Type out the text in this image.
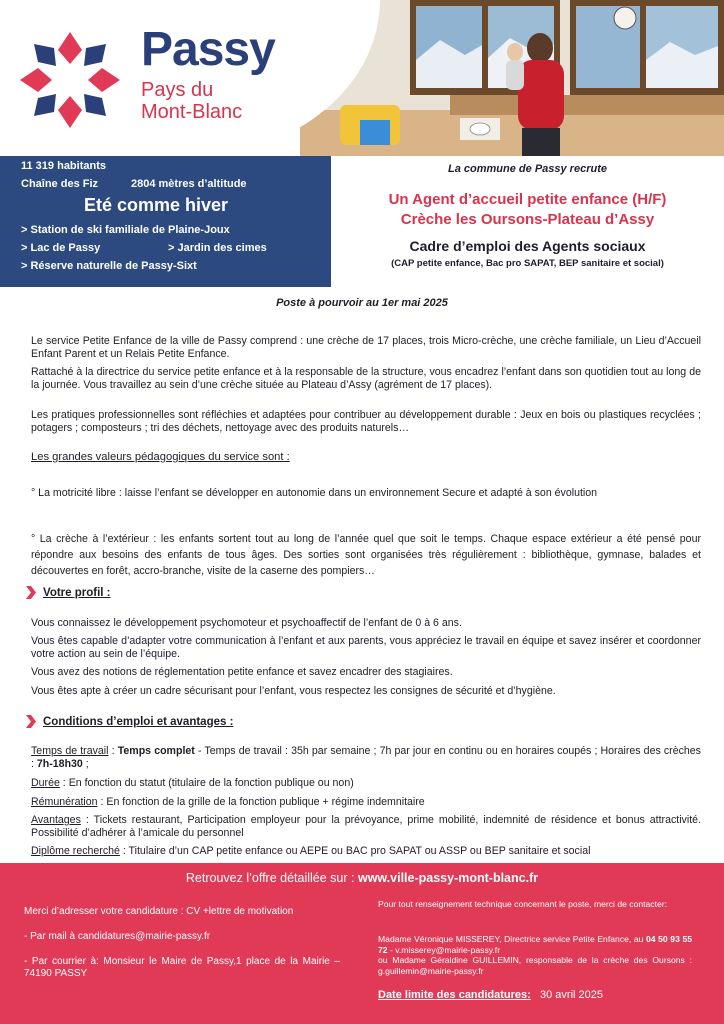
Passy
Pays du
Mont-Blanc
11 319 habitants
Chaîne des Fiz	2804 mètres d’altitude
Eté comme hiver
> Station de ski familiale de Plaine-Joux
> Lac de Passy	> Jardin des cimes
> Réserve naturelle de Passy-Sixt
La commune de Passy recrute
Un Agent d’accueil petite enfance (H/F)
Crèche les Oursons-Plateau d’Assy
Cadre d’emploi des Agents sociaux
(CAP petite enfance, Bac pro SAPAT, BEP sanitaire et social)
Poste à pourvoir au 1er mai 2025
Le service Petite Enfance de la ville de Passy comprend : une crèche de 17 places, trois Micro-crèche, une crèche familiale, un Lieu d’Accueil Enfant Parent et un Relais Petite Enfance.
Rattaché à la directrice du service petite enfance et à la responsable de la structure, vous encadrez l’enfant dans son quotidien tout au long de la journée. Vous travaillez au sein d’une crèche située au Plateau d’Assy (agrément de 17 places).
Les pratiques professionnelles sont réfléchies et adaptées pour contribuer au développement durable : Jeux en bois ou plastiques recyclées ; potagers ; composteurs ; tri des déchets, nettoyage avec des produits naturels…
Les grandes valeurs pédagogiques du service sont :
° La motricité libre : laisse l’enfant se développer en autonomie dans un environnement Secure et adapté à son évolution
° La crèche à l’extérieur : les enfants sortent tout au long de l’année quel que soit le temps. Chaque espace extérieur a été pensé pour répondre aux besoins des enfants de tous âges. Des sorties sont organisées très régulièrement : bibliothèque, gymnase, balades et découvertes en forêt, accro-branche, visite de la caserne des pompiers…
Votre profil :
Vous connaissez le développement psychomoteur et psychoaffectif de l’enfant de 0 à 6 ans.
Vous êtes capable d’adapter votre communication à l’enfant et aux parents, vous appréciez le travail en équipe et savez insérer et coordonner votre action au sein de l’équipe.
Vous avez des notions de réglementation petite enfance et savez encadrer des stagiaires.
Vous êtes apte à créer un cadre sécurisant pour l’enfant, vous respectez les consignes de sécurité et d’hygiène.
Conditions d’emploi et avantages :
Temps de travail : Temps complet - Temps de travail : 35h par semaine ; 7h par jour en continu ou en horaires coupés ; Horaires des crèches : 7h-18h30 ;
Durée : En fonction du statut (titulaire de la fonction publique ou non)
Rémunération : En fonction de la grille de la fonction publique + régime indemnitaire
Avantages : Tickets restaurant, Participation employeur pour la prévoyance, prime mobilité, indemnité de résidence et bonus attractivité. Possibilité d’adhérer à l’amicale du personnel
Diplôme recherché : Titulaire d’un CAP petite enfance ou AEPE ou BAC pro SAPAT ou ASSP ou BEP sanitaire et social
Retrouvez l’offre détaillée sur : www.ville-passy-mont-blanc.fr
Merci d’adresser votre candidature : CV +lettre de motivation
- Par mail à candidatures@mairie-passy.fr
- Par courrier à: Monsieur le Maire de Passy,1 place de la Mairie – 74190 PASSY
Pour tout renseignement technique concernant le poste, merci de contacter:
Madame Véronique MISSEREY, Directrice service Petite Enfance, au 04 50 93 55 72 - v.misserey@mairie-passy.fr
ou Madame Géraldine GUILLEMIN, responsable de la crèche des Oursons : g.guillemin@mairie-passy.fr
Date limite des candidatures: 30 avril 2025
